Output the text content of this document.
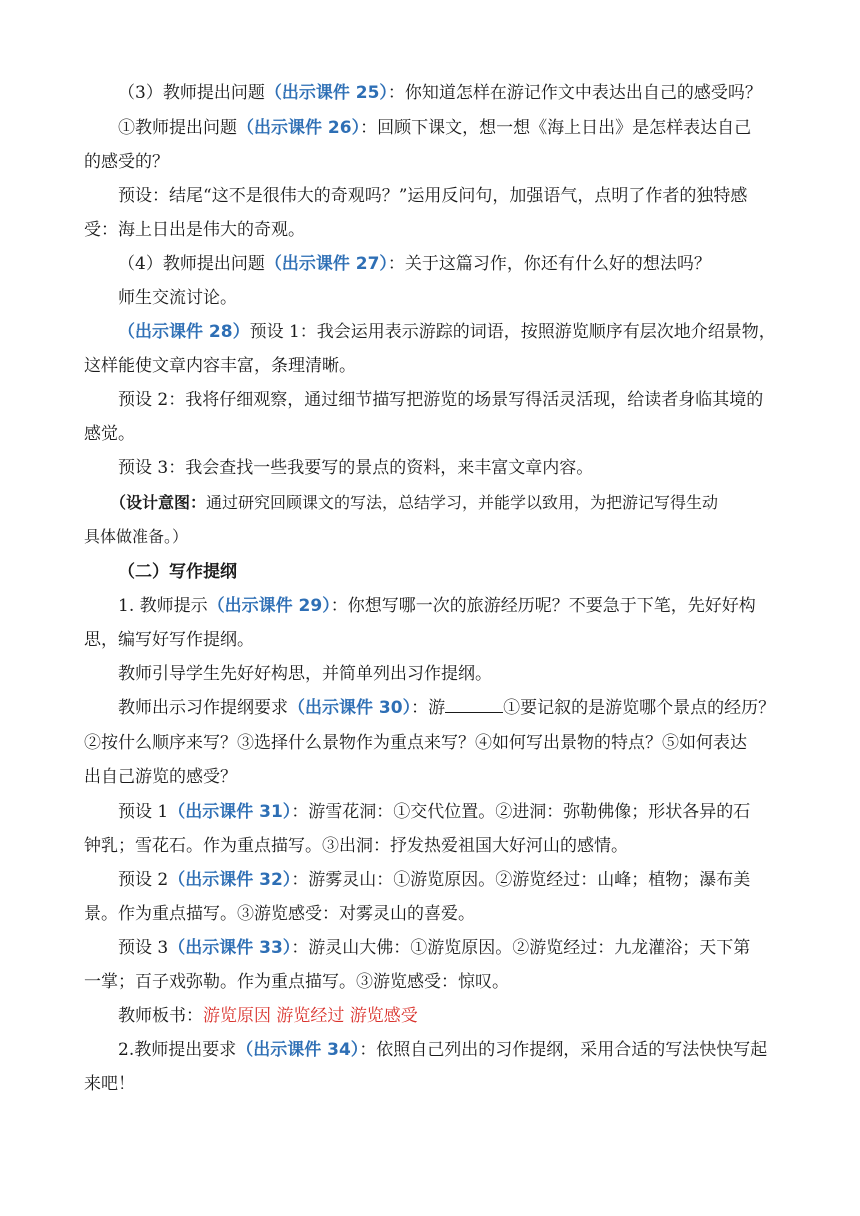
（3）教师提出问题（出示课件 25）：你知道怎样在游记作文中表达出自己的感受吗？
①教师提出问题（出示课件 26）：回顾下课文，想一想《海上日出》是怎样表达自己
的感受的？
预设：结尾“这不是很伟大的奇观吗？”运用反问句，加强语气，点明了作者的独特感
受：海上日出是伟大的奇观。
（4）教师提出问题（出示课件 27）：关于这篇习作，你还有什么好的想法吗？
师生交流讨论。
（出示课件 28）预设 1：我会运用表示游踪的词语，按照游览顺序有层次地介绍景物，
这样能使文章内容丰富，条理清晰。
预设 2：我将仔细观察，通过细节描写把游览的场景写得活灵活现，给读者身临其境的
感觉。
预设 3：我会查找一些我要写的景点的资料，来丰富文章内容。
（设计意图：通过研究回顾课文的写法，总结学习，并能学以致用，为把游记写得生动
具体做准备。）
（二）写作提纲
1. 教师提示（出示课件 29）：你想写哪一次的旅游经历呢？不要急于下笔，先好好构
思，编写好写作提纲。
教师引导学生先好好构思，并简单列出习作提纲。
教师出示习作提纲要求（出示课件 30）：游	①要记叙的是游览哪个景点的经历？
②按什么顺序来写？③选择什么景物作为重点来写？④如何写出景物的特点？⑤如何表达
出自己游览的感受？
预设 1（出示课件 31）：游雪花洞：①交代位置。②进洞：弥勒佛像；形状各异的石
钟乳；雪花石。作为重点描写。③出洞：抒发热爱祖国大好河山的感情。
预设 2（出示课件 32）：游雾灵山：①游览原因。②游览经过：山峰；植物；瀑布美
景。作为重点描写。③游览感受：对雾灵山的喜爱。
预设 3（出示课件 33）：游灵山大佛：①游览原因。②游览经过：九龙灌浴；天下第
一掌；百子戏弥勒。作为重点描写。③游览感受：惊叹。
教师板书：游览原因 游览经过 游览感受
2.教师提出要求（出示课件 34）：依照自己列出的习作提纲，采用合适的写法快快写起
来吧！
